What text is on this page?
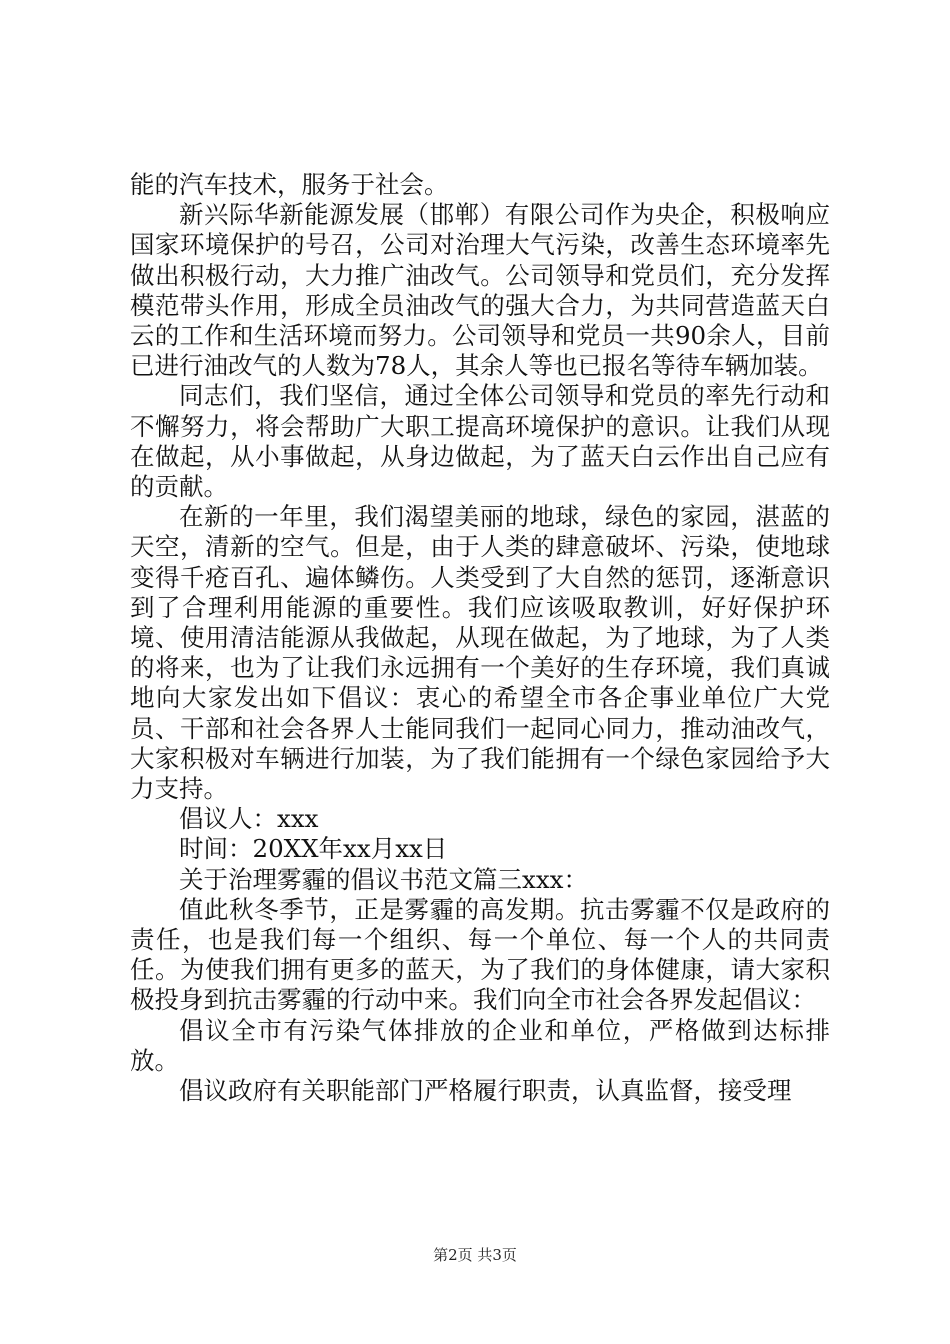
能的汽车技术，服务于社会。

新兴际华新能源发展（邯郸）有限公司作为央企，积极响应国家环境保护的号召，公司对治理大气污染，改善生态环境率先做出积极行动，大力推广油改气。公司领导和党员们，充分发挥模范带头作用，形成全员油改气的强大合力，为共同营造蓝天白云的工作和生活环境而努力。公司领导和党员一共90余人，目前已进行油改气的人数为78人，其余人等也已报名等待车辆加装。

同志们，我们坚信，通过全体公司领导和党员的率先行动和不懈努力，将会帮助广大职工提高环境保护的意识。让我们从现在做起，从小事做起，从身边做起，为了蓝天白云作出自己应有的贡献。

在新的一年里，我们渴望美丽的地球，绿色的家园，湛蓝的天空，清新的空气。但是，由于人类的肆意破坏、污染，使地球变得千疮百孔、遍体鳞伤。人类受到了大自然的惩罚，逐渐意识到了合理利用能源的重要性。我们应该吸取教训，好好保护环境、使用清洁能源从我做起，从现在做起，为了地球，为了人类的将来，也为了让我们永远拥有一个美好的生存环境，我们真诚地向大家发出如下倡议：衷心的希望全市各企事业单位广大党员、干部和社会各界人士能同我们一起同心同力，推动油改气，大家积极对车辆进行加装，为了我们能拥有一个绿色家园给予大力支持。

倡议人：xxx

时间：20XX年xx月xx日

关于治理雾霾的倡议书范文篇三xxx：

值此秋冬季节，正是雾霾的高发期。抗击雾霾不仅是政府的责任，也是我们每一个组织、每一个单位、每一个人的共同责任。为使我们拥有更多的蓝天，为了我们的身体健康，请大家积极投身到抗击雾霾的行动中来。我们向全市社会各界发起倡议：

倡议全市有污染气体排放的企业和单位，严格做到达标排放。

倡议政府有关职能部门严格履行职责，认真监督，接受理

第2页 共3页
